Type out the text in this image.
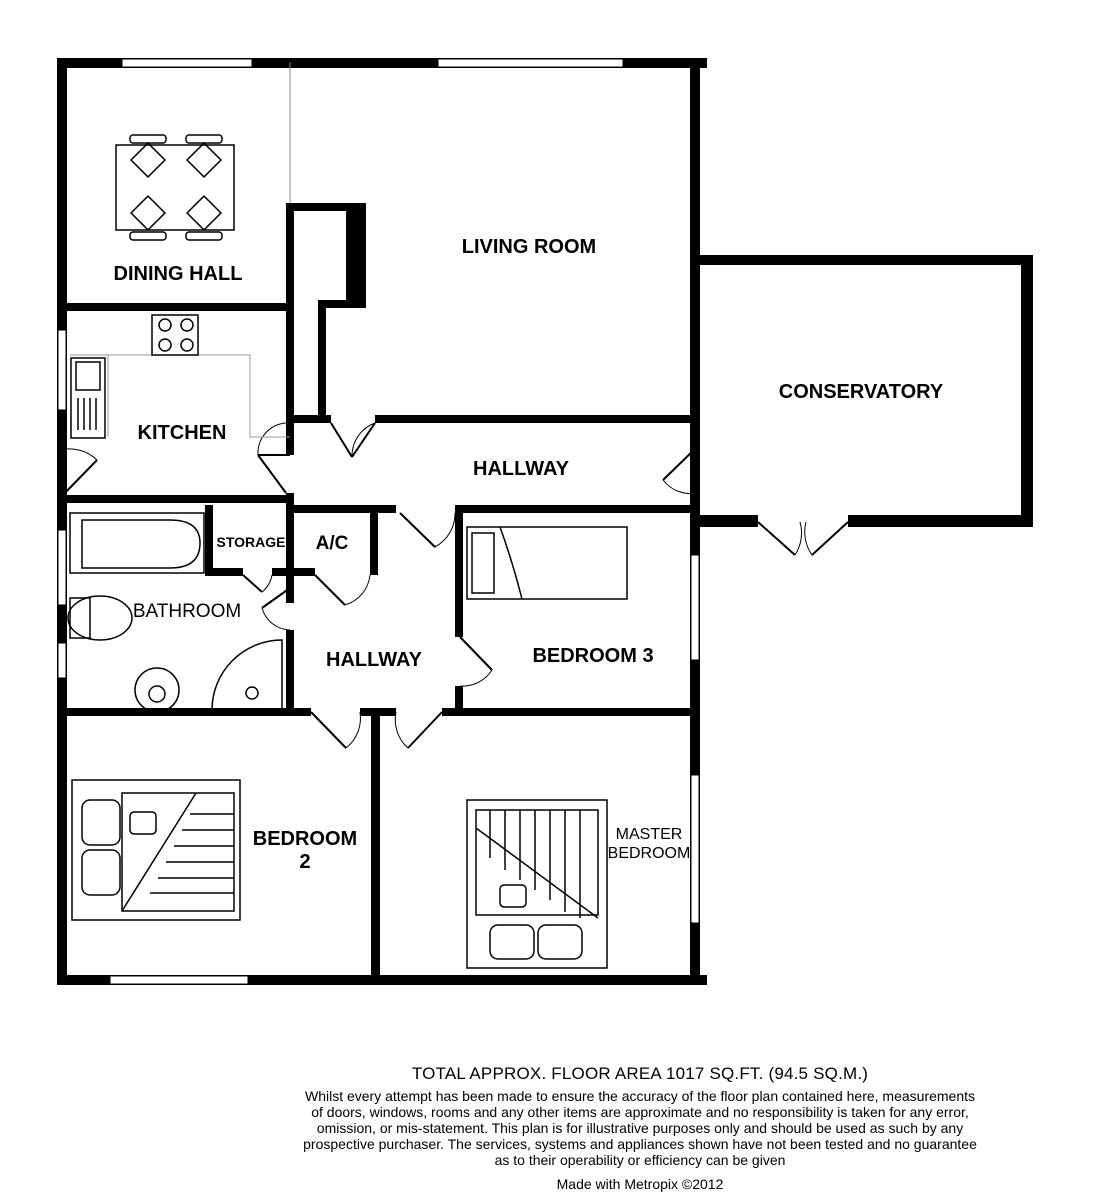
DINING HALL
LIVING ROOM
CONSERVATORY
KITCHEN
HALLWAY
STORAGE A/C
BATHROOM
HALLWAY	BEDROOM 3
BEDROOM
2
MASTER
BEDROOM
TOTAL APPROX. FLOOR AREA 1017 SQ.FT. (94.5 SQ.M.)
Whilst every attempt has been made to ensure the accuracy of the floor plan contained here, measurements
of doors, windows, rooms and any other items are approximate and no responsibility is taken for any error,
omission, or mis-statement. This plan is for illustrative purposes only and should be used as such by any
prospective purchaser. The services, systems and appliances shown have not been tested and no guarantee
as to their operability or efficiency can be given
Made with Metropix ©2012
